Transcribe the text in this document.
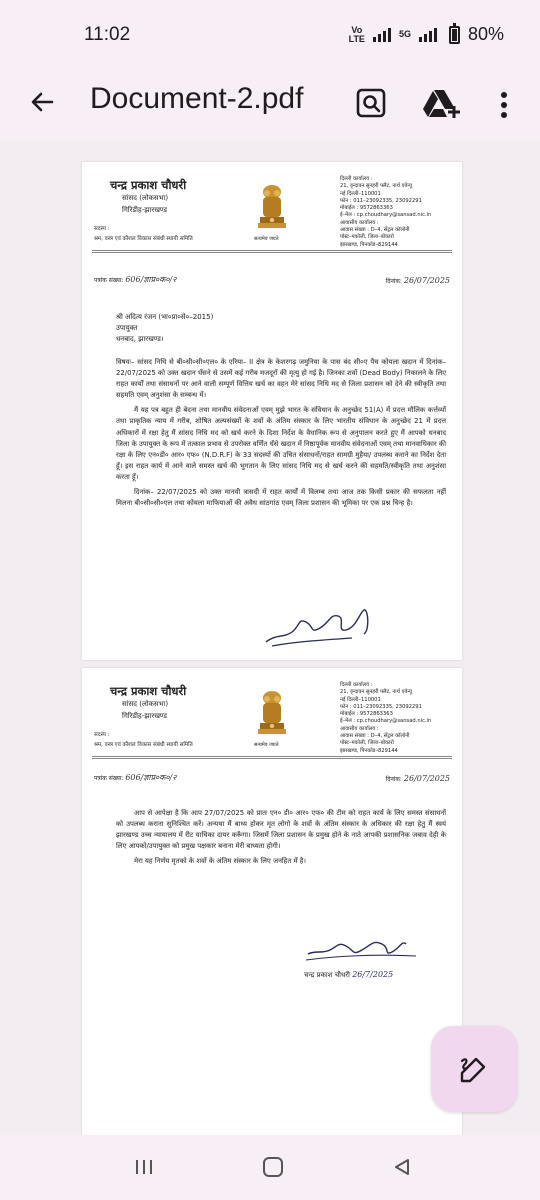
11:02	Vo
LTE	5G	80%
Document-2.pdf
चन्द्र प्रकाश चौधरी
सांसद (लोकसभा)
गिरिडीह-झारखण्ड
सदस्य :
श्रम, वस्त्र एवं कौशल विकास संबंधी स्थायी समिति	सत्यमेव जयते
दिल्ली कार्यालय :
21, वृन्दावन सुनहरी फ्लैट, नार्थ एवेन्यू
नई दिल्ली–110001
फोन : 011–23092335, 23092291
मोबाईल : 9572863363
ई–मेल : cp.choudhary@sansad.nic.in
आवासीय कार्यालय :
आवास संख्या : D–4, सेंट्रल कॉलोनी
पोस्ट–मकोली, जिला–बोकारो
झारखण्ड, पिनकोड–829144
पत्रांक संख्या: 606/ज्ञाप्र०क०/२	दिनांक: 26/07/2025
श्री अदित्य रंजन (भा०प्रा०से०–2015)
उपायुक्त
धनबाद, झारखण्ड।

विषयः– सांसद निधि से बी०सी०सी०एल० के एरिया– II क्षेत्र के केशरगढ़ जमुनिया के पास बंद सी०ए पैच कोयला खदान में दिनांक– 22/07/2025 को उक्त खदान धँसने से उसमें कई गरीब मजदूरों की मृत्यु हो गई है। जिनका शवों (Dead Body) निकालने के लिए राहत कार्यों तथा संसाधनों पर आने वाली सम्पूर्ण वित्तिय खर्च का वहन मेरे सांसद निधि मद से जिला प्रशासन को देने की स्वीकृति तथा सहमति एवम् अनुशंसा के सम्बन्ध में।

मैं यह पत्र बहुत ही बेदना तथा मानवीय संवेदनाओं एवम् मुझे भारत के संविधान के अनुच्छेद 51(A) में प्रदत्त मौलिक कर्त्तव्यों तथा प्राकृतिक न्याय में गरीब, शोषित अल्पसंख्यों के शवों के अंतिम संस्कार के लिए भारतीय संविधान के अनुच्छेद 21 में प्रदत्त अधिकारों में रक्षा हेतु मैं सांसद निधि मद को खर्च करने के दिशा निर्देश के वैधानिक रूप से अनुपालन करते हुए मैं आपको धनबाद जिला के उपायुक्त के रूप में तत्काल प्रभाव से उपरोक्त वर्णित धँसे खदान में निष्ठापूर्वक मानवीय संवेदनाओं एवम् तथा मानवाधिकार की रक्षा के लिए एन०डी० आर० एफ० (N.D.R.F) के 33 सदस्यों की उचित संसाधनों/राहत सामग्री मुहैया/ उपलब्ध कराने का निर्देश देता हूँ। इस राहत कार्य में आने वाले समस्त खर्च की भुगतान के लिए सांसद निधि मद से खर्च करने की सहमति/स्वीकृति तथा अनुशंसा करता हूँ।

दिनांक– 22/07/2025 को उक्त मानवी त्रासदी में राहत कार्यों में विलम्ब तथा आज तक किसी प्रकार की सफलता नहीं मिलना बी०सी०सी०एल तथा कोयला माफियाओं की अवैध सांठगांठ एवम् जिला प्रशासन की भूमिका पर एक प्रश्न चिन्ह है।

चन्द्र प्रकाश चौधरी
सांसद (लोकसभा)
गिरिडीह-झारखण्ड
सदस्य :
श्रम, वस्त्र एवं कौशल विकास संबंधी स्थायी समिति	सत्यमेव जयते
दिल्ली कार्यालय :
21, वृन्दावन सुनहरी फ्लैट, नार्थ एवेन्यू
नई दिल्ली–110001
फोन : 011–23092335, 23092291
मोबाईल : 9572863363
ई–मेल : cp.choudhary@sansad.nic.in
आवासीय कार्यालय :
आवास संख्या : D–4, सेंट्रल कॉलोनी
पोस्ट–मकोली, जिला–बोकारो
झारखण्ड, पिनकोड–829144
पत्रांक संख्या: 606/ज्ञाप्र०क०/२	दिनांक: 26/07/2025

आप से आपेक्षा है कि आप 27/07/2025 को प्रातः एन० डी० आर० एफ० की टीम को राहत कार्य के लिए समस्त संसाधनों को उपलब्ध कराना सुनिश्चित करें। अन्यथा मैं बाध्य होकर मृत लोगो के शवों के अंतिम संस्कार के अधिकार की रक्षा हेतु मैं स्वयं झारखण्ड उच्च न्यायालय में रीट याचिका दायर करूँगा। जिसमें जिला प्रशासन के प्रमुख होने के नाते आपकी प्रशासनिक जबाव देही के लिए आपको/उपायुक्त को प्रमुख पक्षकार बनाना मेरी बाध्यता होगी।

मेरा यह निर्णय मृतको के शवों के अंतिम संस्कार के लिए जनहित में है।

चन्द्र प्रकाश चौधरी 26/7/2025
